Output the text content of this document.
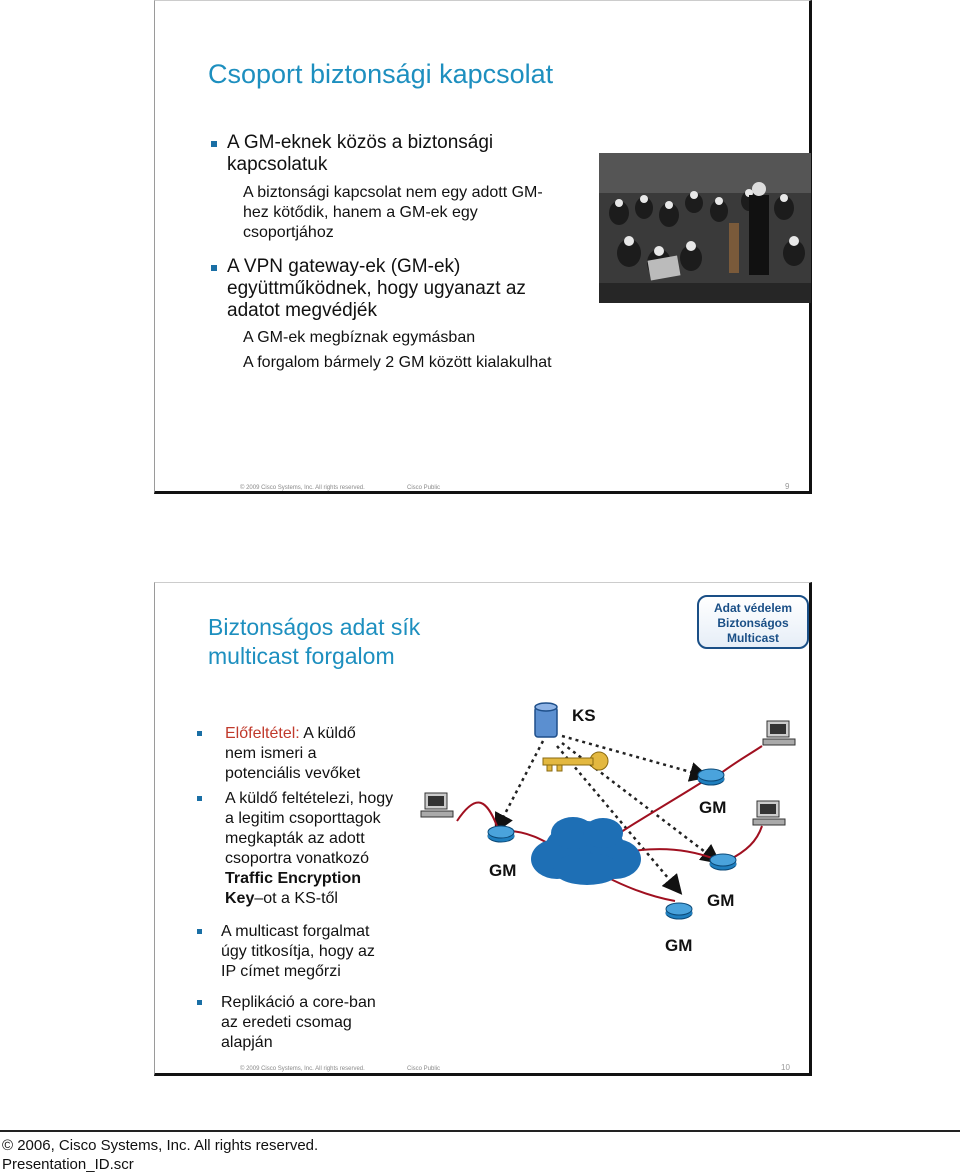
Csoport biztonsági kapcsolat
A GM-eknek közös a biztonsági
kapcsolatuk
A biztonsági kapcsolat nem egy adott GM-
hez kötődik, hanem a GM-ek egy
csoportjához
A VPN gateway-ek (GM-ek)
együttműködnek, hogy ugyanazt az
adatot megvédjék
A GM-ek megbíznak egymásban
A forgalom bármely 2 GM között kialakulhat
© 2009 Cisco Systems, Inc. All rights reserved.	Cisco Public	9
Biztonságos adat sík
multicast forgalom
Adat védelem
Biztonságos
Multicast
Előfeltétel: A küldő
nem ismeri a
potenciális vevőket
A küldő feltételezi, hogy
a legitim csoporttagok
megkapták az adott
csoportra vonatkozó
Traffic Encryption
Key–ot a KS-től
A multicast forgalmat
úgy titkosítja, hogy az
IP címet megőrzi
Replikáció a core-ban
az eredeti csomag
alapján
KS
GM
GM
GM
GM
© 2009 Cisco Systems, Inc. All rights reserved.	Cisco Public	10
© 2006, Cisco Systems, Inc. All rights reserved.
Presentation_ID.scr
